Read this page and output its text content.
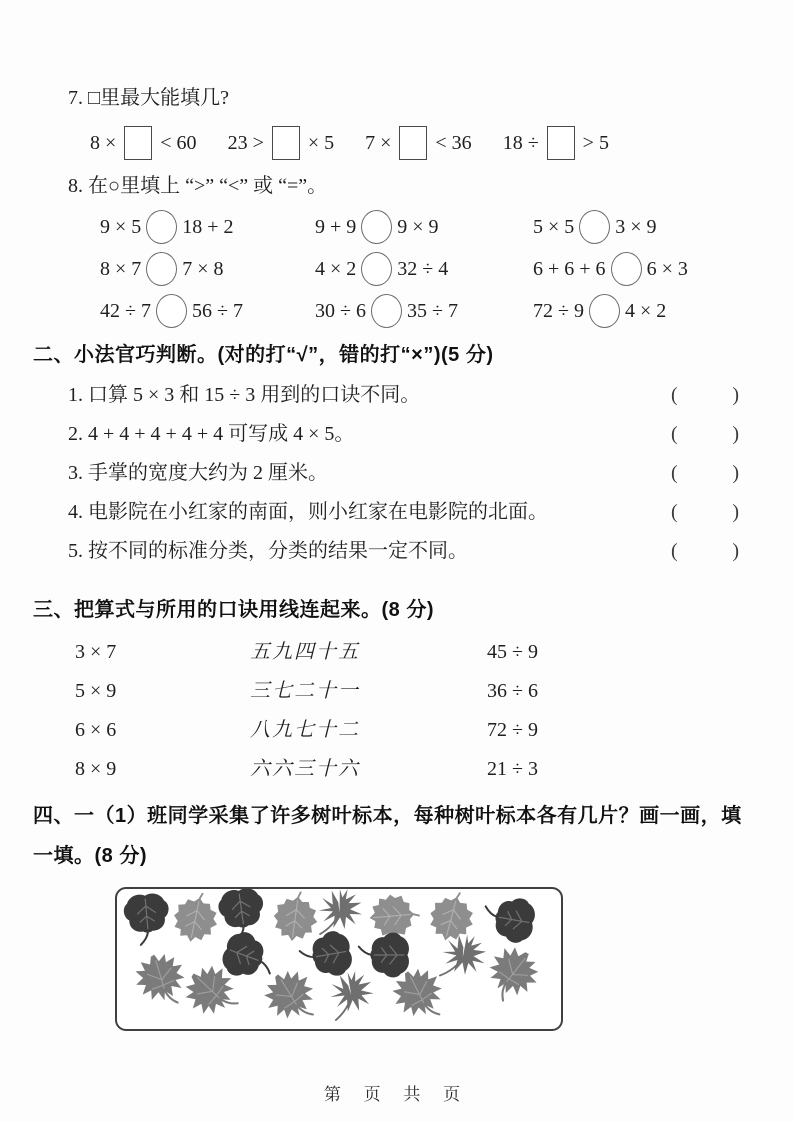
7. □里最大能填几?
8 × < 60 23 > × 5 7 × < 36 18 ÷ > 5
8. 在○里填上 “>” “<” 或 “=”。
9 × 5 18 + 2	9 + 9 9 × 9	5 × 5 3 × 9
8 × 7 7 × 8	4 × 2 32 ÷ 4	6 + 6 + 6 6 × 3
42 ÷ 7 56 ÷ 7	30 ÷ 6 35 ÷ 7	72 ÷ 9 4 × 2
二、小法官巧判断。(对的打“√”，错的打“×”)(5 分)
1. 口算 5 × 3 和 15 ÷ 3 用到的口诀不同。	(	)
2. 4 + 4 + 4 + 4 + 4 可写成 4 × 5。	(	)
3. 手掌的宽度大约为 2 厘米。	(	)
4. 电影院在小红家的南面，则小红家在电影院的北面。	(	)
5. 按不同的标准分类，分类的结果一定不同。	(	)
三、把算式与所用的口诀用线连起来。(8 分)
3 × 7	五九四十五	45 ÷ 9
5 × 9	三七二十一	36 ÷ 6
6 × 6	八九七十二	72 ÷ 9
8 × 9	六六三十六	21 ÷ 3
四、一（1）班同学采集了许多树叶标本，每种树叶标本各有几片？画一画，填一填。(8 分)
第 页 共 页
